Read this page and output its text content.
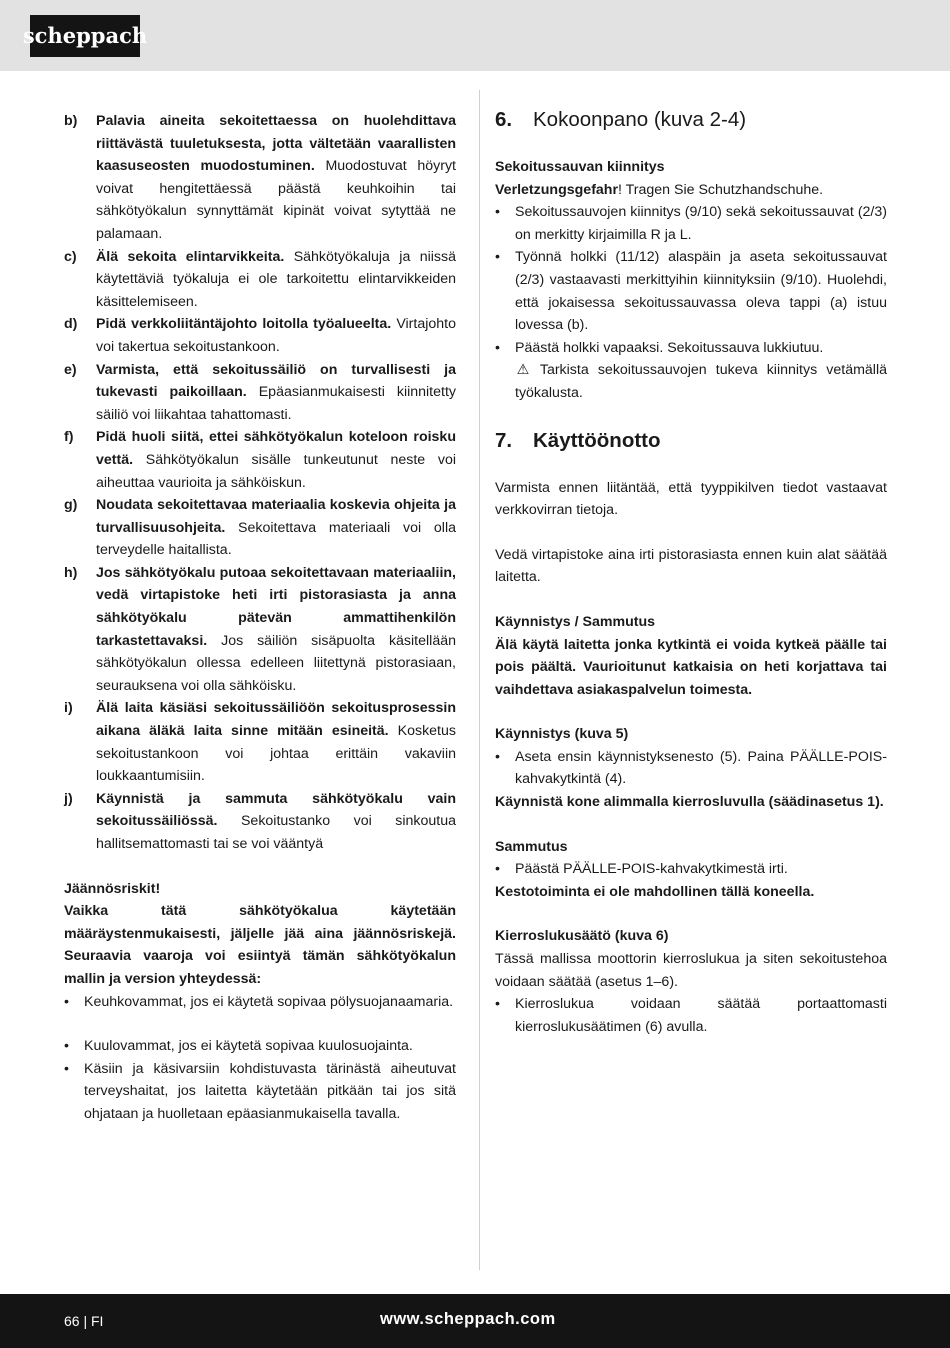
scheppach
b)	Palavia aineita sekoitettaessa on huolehdittava riittävästä tuuletuksesta, jotta vältetään vaarallisten kaasuseosten muodostuminen. Muodostuvat höyryt voivat hengitettäessä päästä keuhkoihin tai sähkötyökalun synnyttämät kipinät voivat sytyttää ne palamaan.
c)	Älä sekoita elintarvikkeita. Sähkötyökaluja ja niissä käytettäviä työkaluja ei ole tarkoitettu elintarvikkeiden käsittelemiseen.
d)	Pidä verkkoliitäntäjohto loitolla työalueelta. Virtajohto voi takertua sekoitustankoon.
e)	Varmista, että sekoitussäiliö on turvallisesti ja tukevasti paikoillaan. Epäasianmukaisesti kiinnitetty säiliö voi liikahtaa tahattomasti.
f)	Pidä huoli siitä, ettei sähkötyökalun koteloon roisku vettä. Sähkötyökalun sisälle tunkeutunut neste voi aiheuttaa vaurioita ja sähköiskun.
g)	Noudata sekoitettavaa materiaalia koskevia ohjeita ja turvallisuusohjeita. Sekoitettava materiaali voi olla terveydelle haitallista.
h)	Jos sähkötyökalu putoaa sekoitettavaan materiaaliin, vedä virtapistoke heti irti pistorasiasta ja anna sähkötyökalu pätevän ammattihenkilön tarkastettavaksi. Jos säiliön sisäpuolta käsitellään sähkötyökalun ollessa edelleen liitettynä pistorasiaan, seurauksena voi olla sähköisku.
i)	Älä laita käsiäsi sekoitussäiliöön sekoitusprosessin aikana äläkä laita sinne mitään esineitä. Kosketus sekoitustankoon voi johtaa erittäin vakaviin loukkaantumisiin.
j)	Käynnistä ja sammuta sähkötyökalu vain sekoitussäiliössä. Sekoitustanko voi sinkoutua hallitsemattomasti tai se voi vääntyä

Jäännösriskit!

Vaikka tätä sähkötyökalua käytetään määräystenmukaisesti, jäljelle jää aina jäännösriskejä. Seuraavia vaaroja voi esiintyä tämän sähkötyökalun mallin ja version yhteydessä:

•	Keuhkovammat, jos ei käytetä sopivaa pölysuojanaamaria.
•	Kuulovammat, jos ei käytetä sopivaa kuulosuojainta.
•	Käsiin ja käsivarsiin kohdistuvasta tärinästä aiheutuvat terveyshaitat, jos laitetta käytetään pitkään tai jos sitä ohjataan ja huolletaan epäasianmukaisella tavalla.
6.	Kokoonpano (kuva 2-4)

Sekoitussauvan kiinnitys

Verletzungsgefahr! Tragen Sie Schutzhandschuhe.

•	Sekoitussauvojen kiinnitys (9/10) sekä sekoitussauvat (2/3) on merkitty kirjaimilla R ja L.
•	Työnnä holkki (11/12) alaspäin ja aseta sekoitussauvat (2/3) vastaavasti merkittyihin kiinnityksiin (9/10). Huolehdi, että jokaisessa sekoitussauvassa oleva tappi (a) istuu lovessa (b).
•	Päästä holkki vapaaksi. Sekoitussauva lukkiutuu.
⚠ Tarkista sekoitussauvojen tukeva kiinnitys vetämällä työkalusta.
7.	Käyttöönotto

Varmista ennen liitäntää, että tyyppikilven tiedot vastaavat verkkovirran tietoja.

Vedä virtapistoke aina irti pistorasiasta ennen kuin alat säätää laitetta.

Käynnistys / Sammutus

Älä käytä laitetta jonka kytkintä ei voida kytkeä päälle tai pois päältä. Vaurioitunut katkaisia on heti korjattava tai vaihdettava asiakaspalvelun toimesta.

Käynnistys (kuva 5)

•	Aseta ensin käynnistyksenesto (5). Paina PÄÄLLE-POIS-kahvakytkintä (4).

Käynnistä kone alimmalla kierrosluvulla (säädinasetus 1).

Sammutus

•	Päästä PÄÄLLE-POIS-kahvakytkimestä irti.

Kestotoiminta ei ole mahdollinen tällä koneella.

Kierroslukusäätö (kuva 6)

Tässä mallissa moottorin kierroslukua ja siten sekoitustehoa voidaan säätää (asetus 1–6).

•	Kierroslukua voidaan säätää portaattomasti kierroslukusäätimen (6) avulla.
66 | FI	www.scheppach.com
